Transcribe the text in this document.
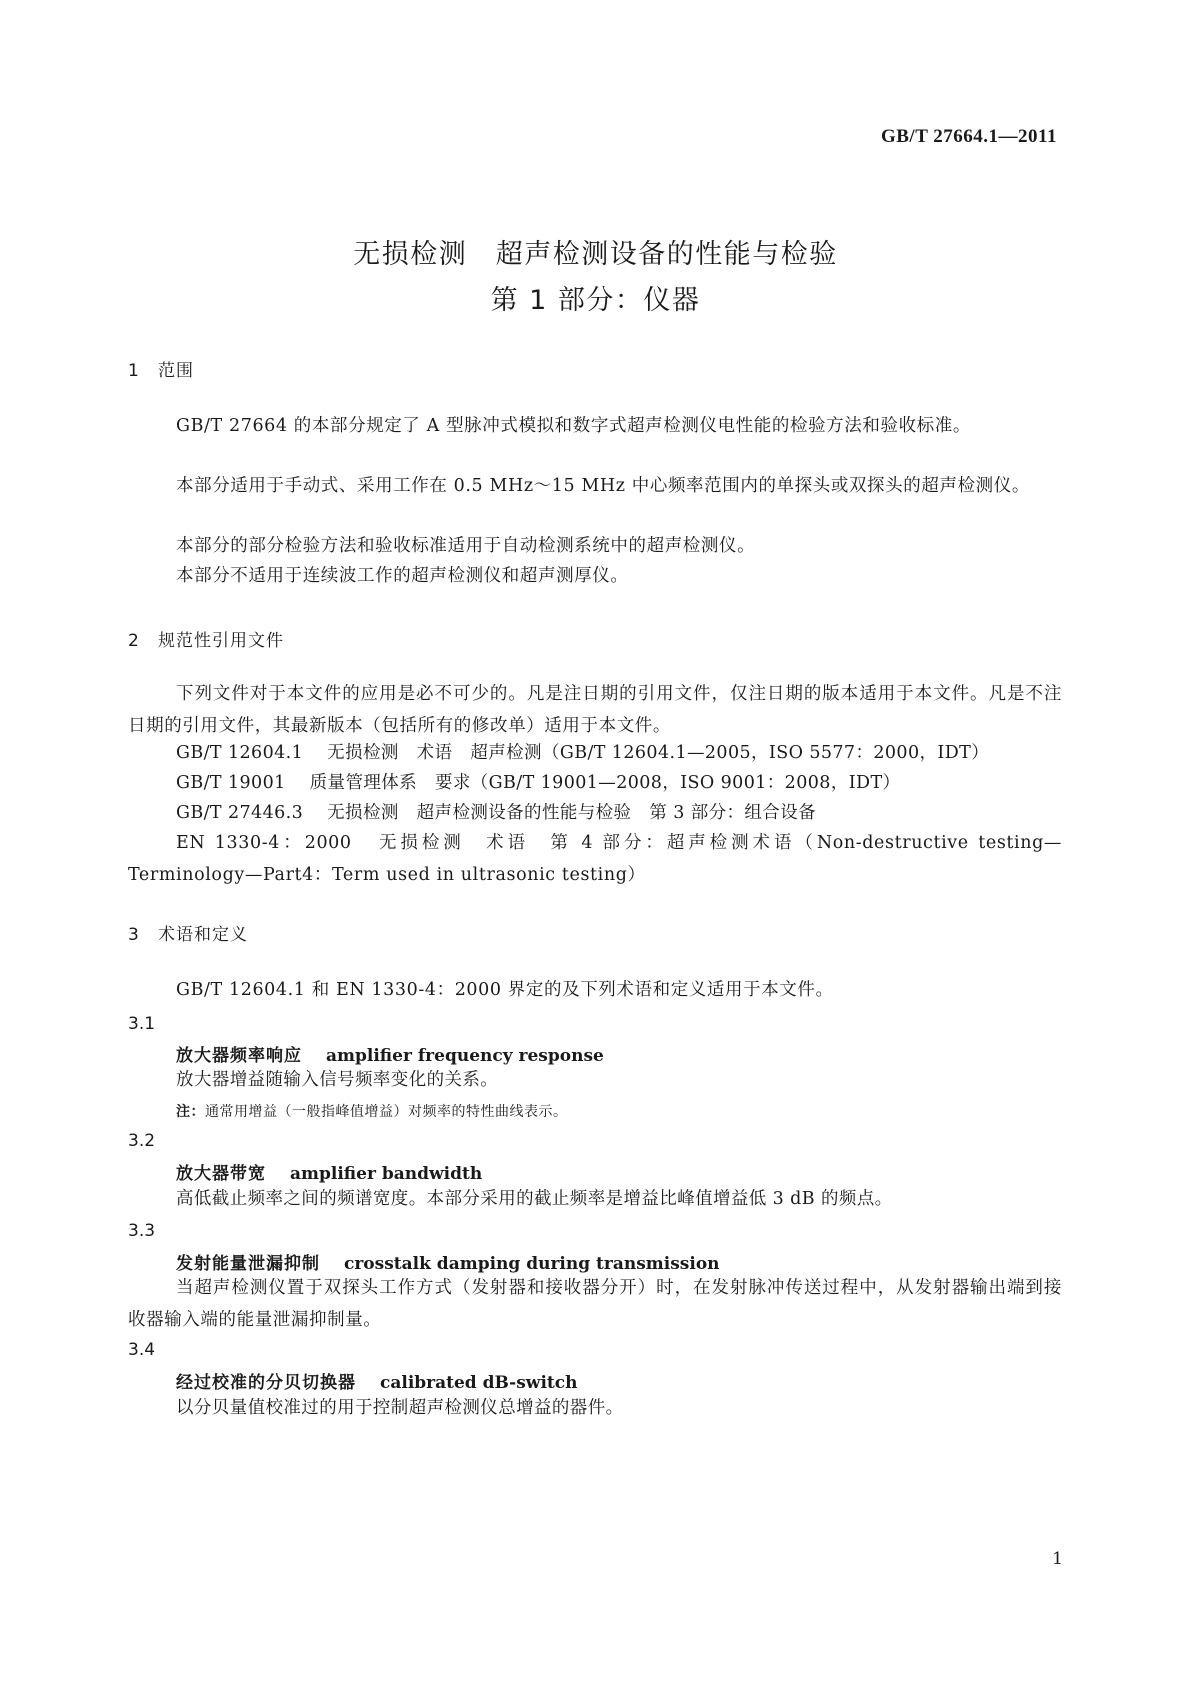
GB/T 27664.1—2011
无损检测　超声检测设备的性能与检验
第 1 部分：仪器
1 范围
GB/T 27664 的本部分规定了 A 型脉冲式模拟和数字式超声检测仪电性能的检验方法和验收标准。
本部分适用于手动式、采用工作在 0.5 MHz～15 MHz 中心频率范围内的单探头或双探头的超声检测仪。
本部分的部分检验方法和验收标准适用于自动检测系统中的超声检测仪。
本部分不适用于连续波工作的超声检测仪和超声测厚仪。
2 规范性引用文件
下列文件对于本文件的应用是必不可少的。凡是注日期的引用文件，仅注日期的版本适用于本文件。凡是不注日期的引用文件，其最新版本（包括所有的修改单）适用于本文件。
GB/T 12604.1 无损检测　术语　超声检测（GB/T 12604.1—2005，ISO 5577：2000，IDT）
GB/T 19001 质量管理体系　要求（GB/T 19001—2008，ISO 9001：2008，IDT）
GB/T 27446.3 无损检测　超声检测设备的性能与检验　第 3 部分：组合设备
EN 1330-4：2000 无损检测　术语　第 4 部分：超声检测术语（Non-destructive testing—Terminology—Part4：Term used in ultrasonic testing）
3 术语和定义
GB/T 12604.1 和 EN 1330-4：2000 界定的及下列术语和定义适用于本文件。
3.1
放大器频率响应 amplifier frequency response
放大器增益随输入信号频率变化的关系。
注：通常用增益（一般指峰值增益）对频率的特性曲线表示。
3.2
放大器带宽 amplifier bandwidth
高低截止频率之间的频谱宽度。本部分采用的截止频率是增益比峰值增益低 3 dB 的频点。
3.3
发射能量泄漏抑制 crosstalk damping during transmission
当超声检测仪置于双探头工作方式（发射器和接收器分开）时，在发射脉冲传送过程中，从发射器输出端到接收器输入端的能量泄漏抑制量。
3.4
经过校准的分贝切换器 calibrated dB-switch
以分贝量值校准过的用于控制超声检测仪总增益的器件。
1
